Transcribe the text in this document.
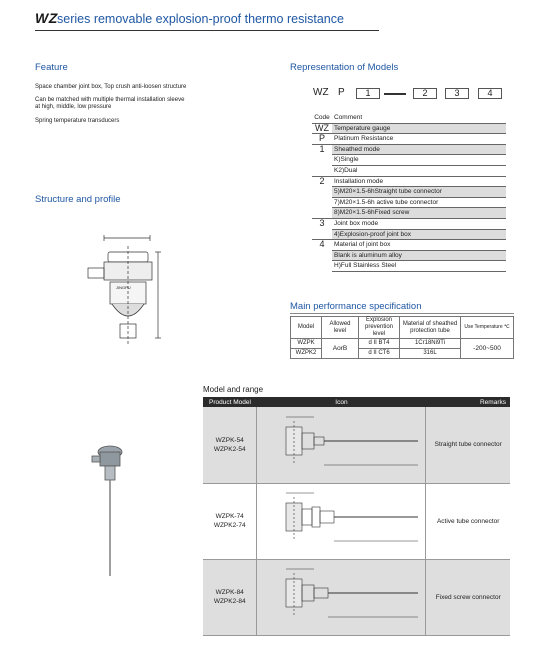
WZ series removable explosion-proof thermo resistance
Feature
Space chamber joint box, Top crush anti-loosen structure
Can be matched with multiple thermal installation sleeve
at high, middle, low pressure
Spring temperature transducers
Structure and profile
JINGPU
Representation of Models
WZ P	1	2	3	4
Code	Comment
WZ	Temperature gauge
P	Platinum Resistance
1	Sheathed mode
	K)Single
	K2)Dual
2	Installation mode
	5)M20×1.5-6hStraight tube connector
	7)M20×1.5-6h active tube connector
	8)M20×1.5-6hFixed screw
3	Joint box mode
	4)Explosion-proof joint box
4	Material of joint box
	Blank is aluminum alloy
	H)Full Stainless Steel
Main performance specification
Model	Allowed level	Explosion prevention level	Material of sheathed protection tube	Use Temperature ℃
WZPK	AorB	d II BT4	1Cr18Ni9Ti	-200~500
WZPK2		d II CT6	316L	
Model and range
Product Model	Icon	Remarks

WZPK-54
WZPK2-54		Straight tube connector

WZPK-74
WZPK2-74		Active tube connector

WZPK-84
WZPK2-84		Fixed screw connector
